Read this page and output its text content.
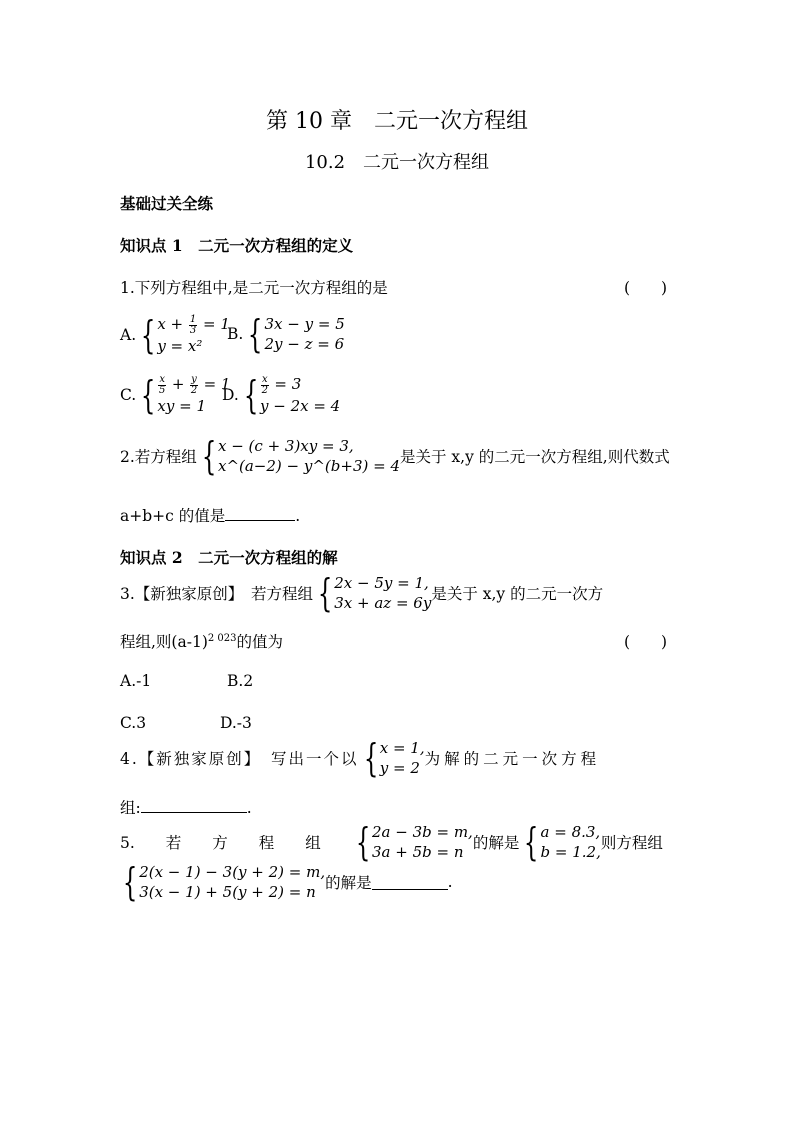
第 10 章　二元一次方程组
10.2　二元一次方程组
基础过关全练
知识点 1　二元一次方程组的定义
1.下列方程组中,是二元一次方程组的是	(　　)
A. { $x + \frac{1}{3} = 1$
y = x²
B. { 3x − y = 5
2y − z = 6
C. { $\frac{x}{5} + \frac{y}{2} = 1$
xy = 1
D. { $\frac{x}{2} = 3$
y − 2x = 4
2.若方程组 { x − (c + 3)xy = 3,
x^(a−2) − y^(b+3) = 4 是关于 x,y 的二元一次方程组,则代数式
a+b+c 的值是	.
知识点 2　二元一次方程组的解
3.【新独家原创】　若方程组 { 2x − 5y = 1,
3x + az = 6y 是关于 x,y 的二元一次方
程组,则$(a-1)^{2 023}$的值为	(　　)
A.-1	B.2
C.3	D.-3
4.【新独家原创】　写出一个以 { x = 1,
y = 2 为解的二元一次方程
组:	.
5.　　若　　方　　程　　组 { 2a − 3b = m,
3a + 5b = n 的解是 { a = 8.3,
b = 1.2, 则方程组
{ 2(x − 1) − 3(y + 2) = m,
3(x − 1) + 5(y + 2) = n 的解是	.
